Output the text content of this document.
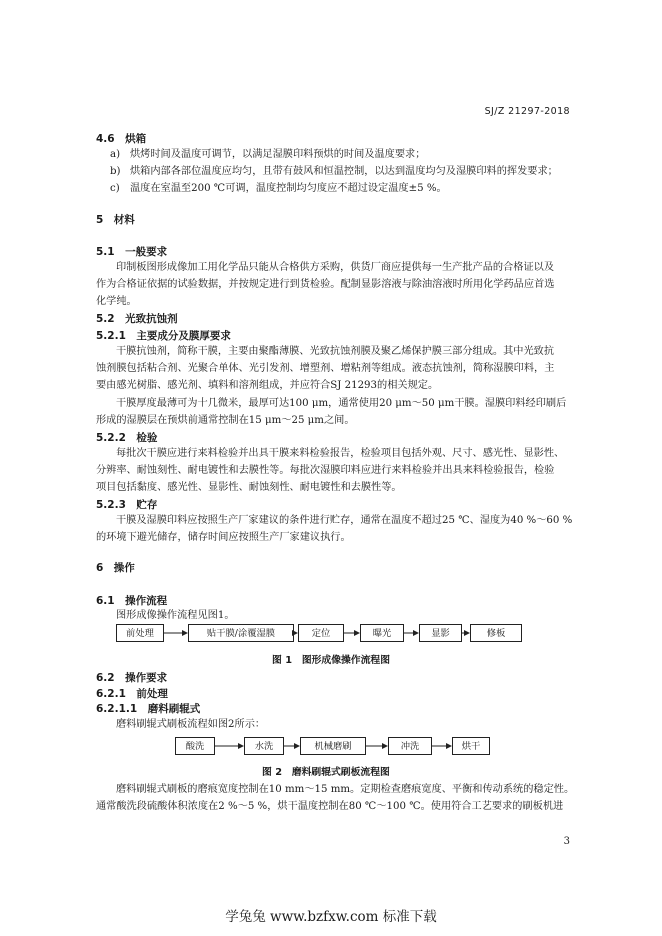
SJ/Z 21297-2018
4.6　烘箱
a) 烘烤时间及温度可调节，以满足湿膜印料预烘的时间及温度要求；
b) 烘箱内部各部位温度应均匀，且带有鼓风和恒温控制，以达到温度均匀及湿膜印料的挥发要求；
c) 温度在室温至200 ℃可调，温度控制均匀度应不超过设定温度±5 %。
5　材料
5.1　一般要求
印制板图形成像加工用化学品只能从合格供方采购，供货厂商应提供每一生产批产品的合格证以及
作为合格证依据的试验数据，并按规定进行到货检验。配制显影溶液与除油溶液时所用化学药品应首选
化学纯。
5.2　光致抗蚀剂
5.2.1　主要成分及膜厚要求
干膜抗蚀剂，简称干膜，主要由聚酯薄膜、光致抗蚀剂膜及聚乙烯保护膜三部分组成。其中光致抗
蚀剂膜包括粘合剂、光聚合单体、光引发剂、增塑剂、增粘剂等组成。液态抗蚀剂，简称湿膜印料，主
要由感光树脂、感光剂、填料和溶剂组成，并应符合SJ 21293的相关规定。
干膜厚度最薄可为十几微米，最厚可达100 μm，通常使用20 μm～50 μm干膜。湿膜印料经印刷后
形成的湿膜层在预烘前通常控制在15 μm～25 μm之间。
5.2.2　检验
每批次干膜应进行来料检验并出具干膜来料检验报告，检验项目包括外观、尺寸、感光性、显影性、
分辨率、耐蚀刻性、耐电镀性和去膜性等。每批次湿膜印料应进行来料检验并出具来料检验报告，检验
项目包括黏度、感光性、显影性、耐蚀刻性、耐电镀性和去膜性等。
5.2.3　贮存
干膜及湿膜印料应按照生产厂家建议的条件进行贮存，通常在温度不超过25 ℃、湿度为40 %～60 %
的环境下避光储存，储存时间应按照生产厂家建议执行。
6　操作
6.1　操作流程
图形成像操作流程见图1。
前处理	贴干膜/涂覆湿膜	定位	曝光	显影	修板
图 1　图形成像操作流程图
6.2　操作要求
6.2.1　前处理
6.2.1.1　磨料刷辊式
磨料刷辊式刷板流程如图2所示：
酸洗	水洗	机械磨刷	冲洗	烘干
图 2　磨料刷辊式刷板流程图
磨料刷辊式刷板的磨痕宽度控制在10 mm～15 mm。定期检查磨痕宽度、平衡和传动系统的稳定性。
通常酸洗段硫酸体积浓度在2 %～5 %，烘干温度控制在80 ℃～100 ℃。使用符合工艺要求的刷板机进
3
学兔兔 www.bzfxw.com 标准下载
